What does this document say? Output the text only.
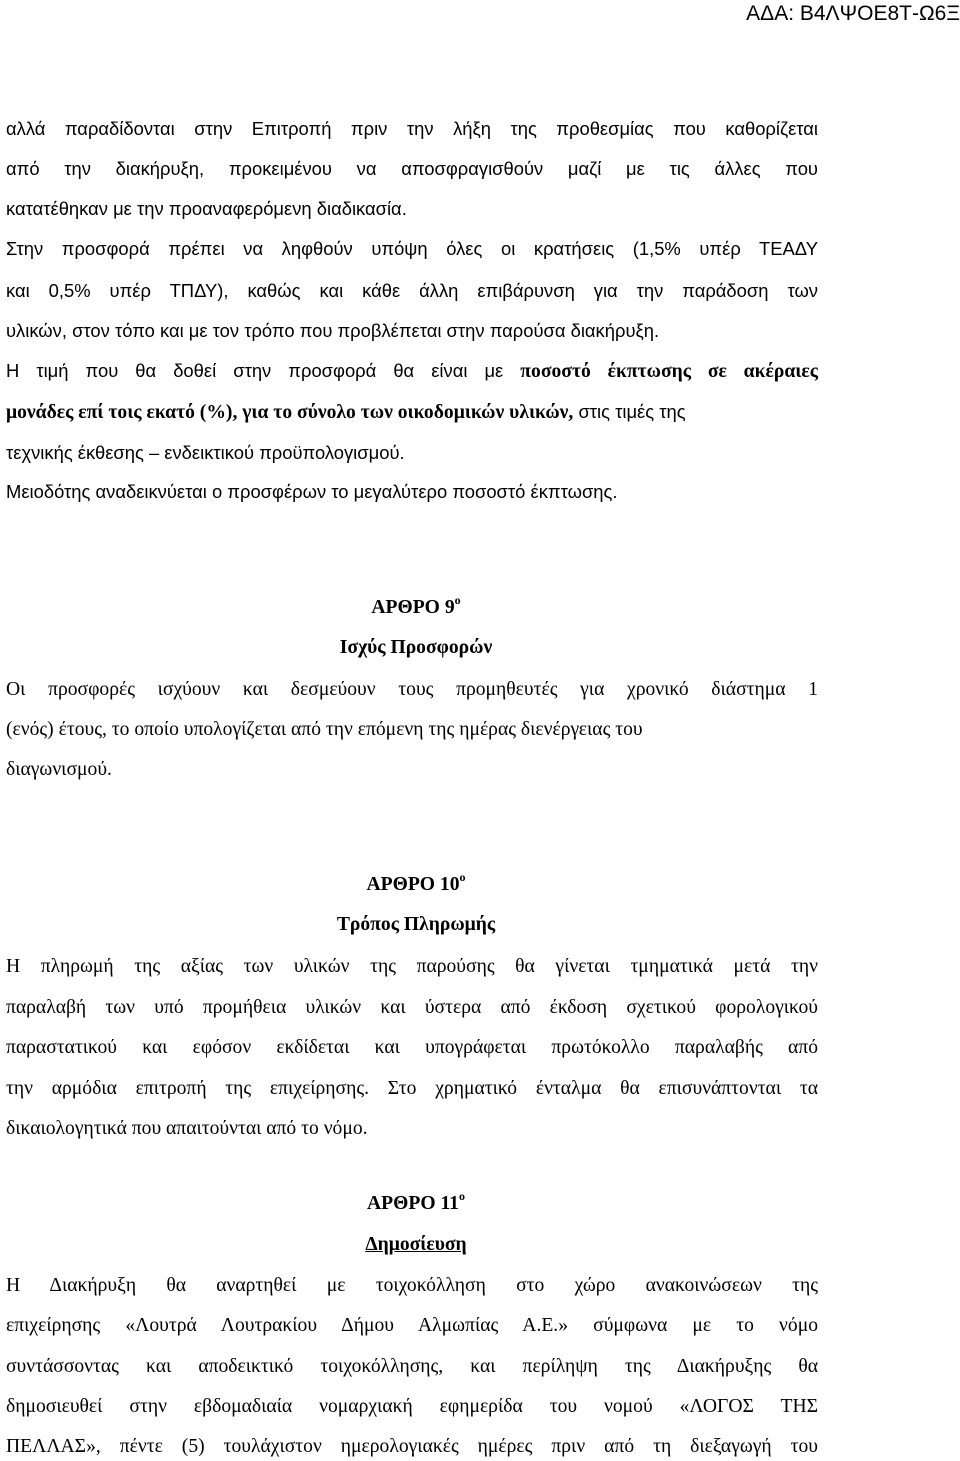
ΑΔΑ: Β4ΛΨΟΕ8Τ-Ω6Ξ
αλλά παραδίδονται στην Επιτροπή πριν την λήξη της προθεσμίας που καθορίζεται
από την διακήρυξη, προκειμένου να αποσφραγισθούν μαζί με τις άλλες που
κατατέθηκαν με την προαναφερόμενη διαδικασία.
Στην προσφορά πρέπει να ληφθούν υπόψη όλες οι κρατήσεις (1,5% υπέρ ΤΕΑΔΥ
και 0,5% υπέρ ΤΠΔΥ), καθώς και κάθε άλλη επιβάρυνση για την παράδοση των
υλικών, στον τόπο και με τον τρόπο που προβλέπεται στην παρούσα διακήρυξη.
Η τιμή που θα δοθεί στην προσφορά θα είναι με ποσοστό έκπτωσης σε ακέραιες
μονάδες επί τοις εκατό (%), για το σύνολο των οικοδομικών υλικών, στις τιμές της
τεχνικής έκθεσης – ενδεικτικού προϋπολογισμού.
Μειοδότης αναδεικνύεται ο προσφέρων το μεγαλύτερο ποσοστό έκπτωσης.
ΑΡΘΡΟ $9^o$
Ισχύς Προσφορών
Οι προσφορές ισχύουν και δεσμεύουν τους προμηθευτές για χρονικό διάστημα 1
(ενός) έτους, το οποίο υπολογίζεται από την επόμενη της ημέρας διενέργειας του
διαγωνισμού.
ΑΡΘΡΟ $10^o$
Τρόπος Πληρωμής
Η πληρωμή της αξίας των υλικών της παρούσης θα γίνεται τμηματικά μετά την
παραλαβή των υπό προμήθεια υλικών και ύστερα από έκδοση σχετικού φορολογικού
παραστατικού και εφόσον εκδίδεται και υπογράφεται πρωτόκολλο παραλαβής από
την αρμόδια επιτροπή της επιχείρησης. Στο χρηματικό ένταλμα θα επισυνάπτονται τα
δικαιολογητικά που απαιτούνται από το νόμο.
ΑΡΘΡΟ $11^o$
Δημοσίευση
Η Διακήρυξη θα αναρτηθεί με τοιχοκόλληση στο χώρο ανακοινώσεων της
επιχείρησης «Λουτρά Λουτρακίου Δήμου Αλμωπίας Α.Ε.» σύμφωνα με το νόμο
συντάσσοντας και αποδεικτικό τοιχοκόλλησης, και περίληψη της Διακήρυξης θα
δημοσιευθεί στην εβδομαδιαία νομαρχιακή εφημερίδα του νομού «ΛΟΓΟΣ ΤΗΣ
ΠΕΛΛΑΣ», πέντε (5) τουλάχιστον ημερολογιακές ημέρες πριν από τη διεξαγωγή του
